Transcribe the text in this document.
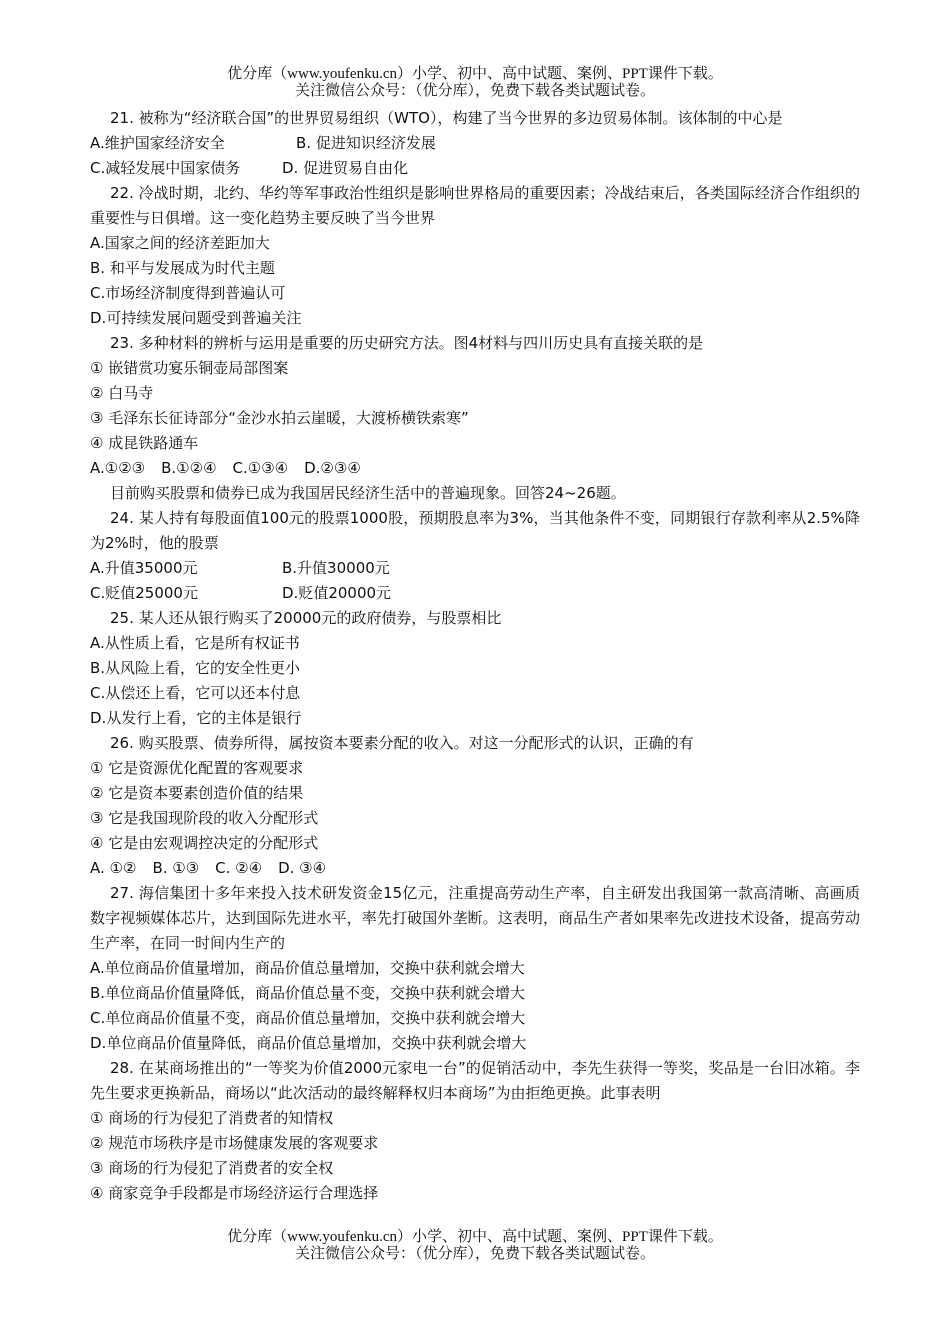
优分库（www.youfenku.cn）小学、初中、高中试题、案例、PPT课件下载。
关注微信公众号：（优分库），免费下载各类试题试卷。
21. 被称为“经济联合国”的世界贸易组织（WTO），构建了当今世界的多边贸易体制。该体制的中心是
A.维护国家经济安全	B. 促进知识经济发展
C.减轻发展中国家债务	D. 促进贸易自由化
22. 冷战时期，北约、华约等军事政治性组织是影响世界格局的重要因素；冷战结束后，各类国际经济合作组织的重要性与日俱增。这一变化趋势主要反映了当今世界
A.国家之间的经济差距加大
B. 和平与发展成为时代主题
C.市场经济制度得到普遍认可
D.可持续发展问题受到普遍关注
23. 多种材料的辨析与运用是重要的历史研究方法。图4材料与四川历史具有直接关联的是
① 嵌错赏功宴乐铜壶局部图案
② 白马寺
③ 毛泽东长征诗部分“金沙水拍云崖暖，大渡桥横铁索寒”
④ 成昆铁路通车
A.①②③ B.①②④ C.①③④ D.②③④
目前购买股票和债券已成为我国居民经济生活中的普遍现象。回答24~26题。
24. 某人持有每股面值100元的股票1000股，预期股息率为3%，当其他条件不变，同期银行存款利率从2.5%降为2%时，他的股票
A.升值35000元	B.升值30000元
C.贬值25000元	D.贬值20000元
25. 某人还从银行购买了20000元的政府债券，与股票相比
A.从性质上看，它是所有权证书
B.从风险上看，它的安全性更小
C.从偿还上看，它可以还本付息
D.从发行上看，它的主体是银行
26. 购买股票、债券所得，属按资本要素分配的收入。对这一分配形式的认识，正确的有
① 它是资源优化配置的客观要求
② 它是资本要素创造价值的结果
③ 它是我国现阶段的收入分配形式
④ 它是由宏观调控决定的分配形式
A. ①② B. ①③ C. ②④ D. ③④
27. 海信集团十多年来投入技术研发资金15亿元，注重提高劳动生产率，自主研发出我国第一款高清晰、高画质数字视频媒体芯片，达到国际先进水平，率先打破国外垄断。这表明，商品生产者如果率先改进技术设备，提高劳动生产率，在同一时间内生产的
A.单位商品价值量增加，商品价值总量增加，交换中获利就会增大
B.单位商品价值量降低，商品价值总量不变，交换中获利就会增大
C.单位商品价值量不变，商品价值总量增加，交换中获利就会增大
D.单位商品价值量降低，商品价值总量增加，交换中获利就会增大
28. 在某商场推出的“一等奖为价值2000元家电一台”的促销活动中，李先生获得一等奖，奖品是一台旧冰箱。李先生要求更换新品，商场以“此次活动的最终解释权归本商场”为由拒绝更换。此事表明
① 商场的行为侵犯了消费者的知情权
② 规范市场秩序是市场健康发展的客观要求
③ 商场的行为侵犯了消费者的安全权
④ 商家竞争手段都是市场经济运行合理选择
优分库（www.youfenku.cn）小学、初中、高中试题、案例、PPT课件下载。
关注微信公众号：（优分库），免费下载各类试题试卷。
